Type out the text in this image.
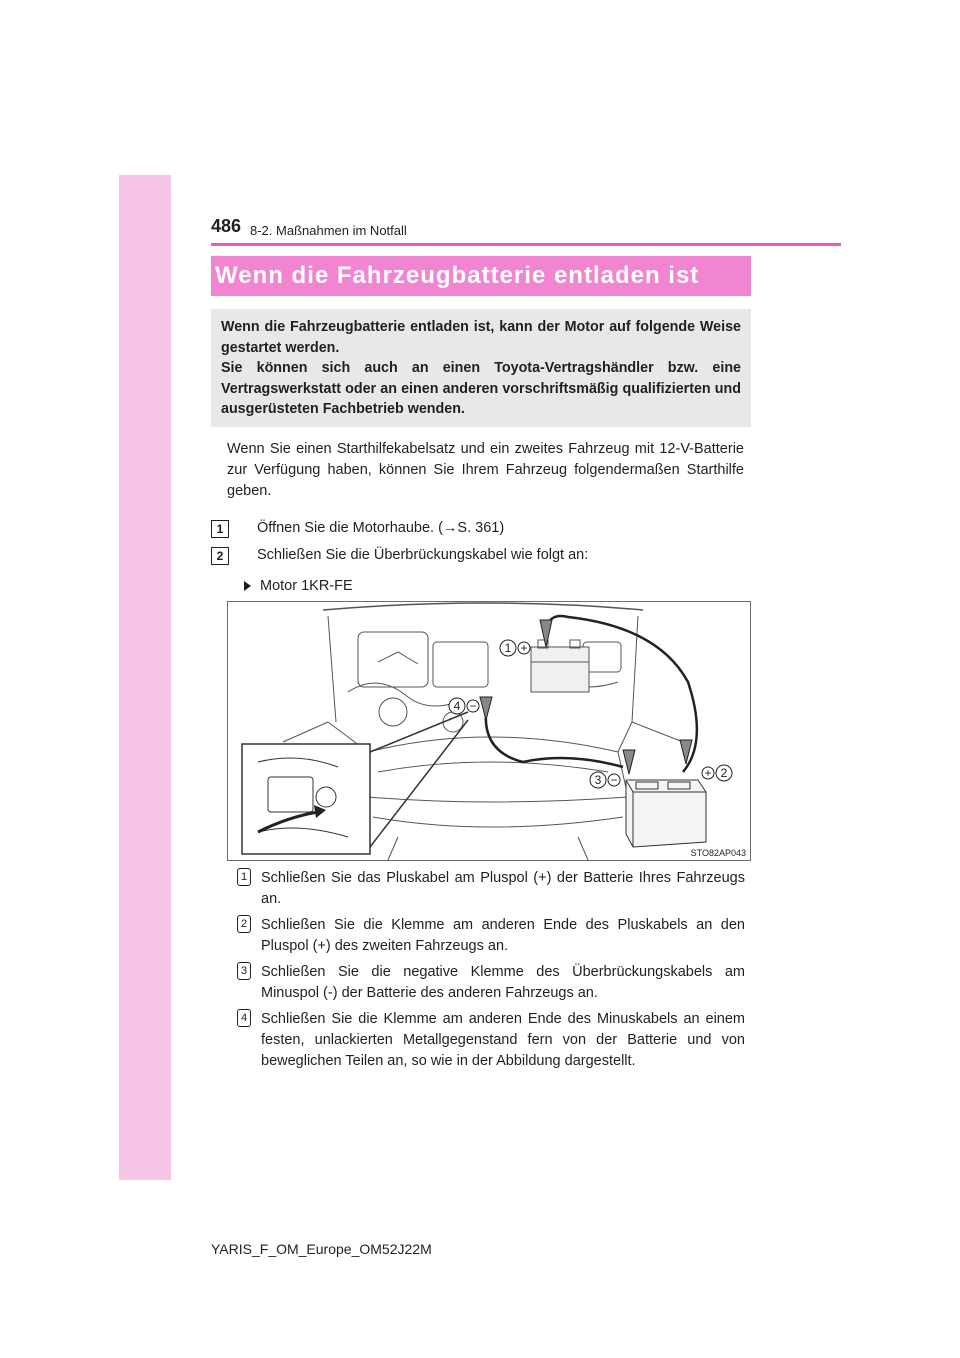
486 8-2. Maßnahmen im Notfall
Wenn die Fahrzeugbatterie entladen ist

Wenn die Fahrzeugbatterie entladen ist, kann der Motor auf folgende Weise gestartet werden.

Sie können sich auch an einen Toyota-Vertragshändler bzw. eine Vertragswerkstatt oder an einen anderen vorschriftsmäßig qualifizierten und ausgerüsteten Fachbetrieb wenden.

Wenn Sie einen Starthilfekabelsatz und ein zweites Fahrzeug mit 12-V-Batterie zur Verfügung haben, können Sie Ihrem Fahrzeug folgendermaßen Starthilfe geben.
1	Öffnen Sie die Motorhaube. (→S. 361)
2	Schließen Sie die Überbrückungskabel wie folgt an:
Motor 1KR-FE
1 +
4 −
3 −	+ 2
STO82AP043
1 Schließen Sie das Pluskabel am Pluspol (+) der Batterie Ihres Fahrzeugs an.
2 Schließen Sie die Klemme am anderen Ende des Pluskabels an den Pluspol (+) des zweiten Fahrzeugs an.
3 Schließen Sie die negative Klemme des Überbrückungskabels am Minuspol (-) der Batterie des anderen Fahrzeugs an.
4 Schließen Sie die Klemme am anderen Ende des Minuskabels an einem festen, unlackierten Metallgegenstand fern von der Batterie und von beweglichen Teilen an, so wie in der Abbildung dargestellt.
YARIS_F_OM_Europe_OM52J22M
